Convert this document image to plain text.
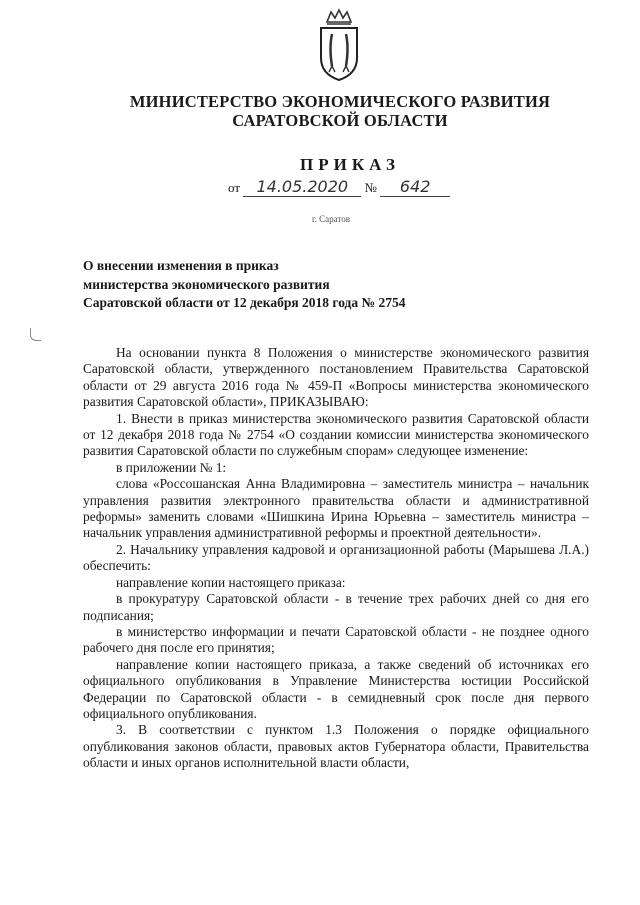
МИНИСТЕРСТВО ЭКОНОМИЧЕСКОГО РАЗВИТИЯ
САРАТОВСКОЙ ОБЛАСТИ
ПРИКАЗ
от 14.05.2020 № 642
г. Саратов
О внесении изменения в приказ
министерства экономического развития
Саратовской области от 12 декабря 2018 года № 2754

На основании пункта 8 Положения о министерстве экономического развития Саратовской области, утвержденного постановлением Правительства Саратовской области от 29 августа 2016 года № 459-П «Вопросы министерства экономического развития Саратовской области», ПРИКАЗЫВАЮ:

1. Внести в приказ министерства экономического развития Саратовской области от 12 декабря 2018 года № 2754 «О создании комиссии министерства экономического развития Саратовской области по служебным спорам» следующее изменение:

в приложении № 1:

слова «Россошанская Анна Владимировна – заместитель министра – начальник управления развития электронного правительства области и административной реформы» заменить словами «Шишкина Ирина Юрьевна – заместитель министра – начальник управления административной реформы и проектной деятельности».

2. Начальнику управления кадровой и организационной работы (Марышева Л.А.) обеспечить:

направление копии настоящего приказа:

в прокуратуру Саратовской области - в течение трех рабочих дней со дня его подписания;

в министерство информации и печати Саратовской области - не позднее одного рабочего дня после его принятия;

направление копии настоящего приказа, а также сведений об источниках его официального опубликования в Управление Министерства юстиции Российской Федерации по Саратовской области - в семидневный срок после дня первого официального опубликования.

3. В соответствии с пунктом 1.3 Положения о порядке официального опубликования законов области, правовых актов Губернатора области, Правительства области и иных органов исполнительной власти области,
